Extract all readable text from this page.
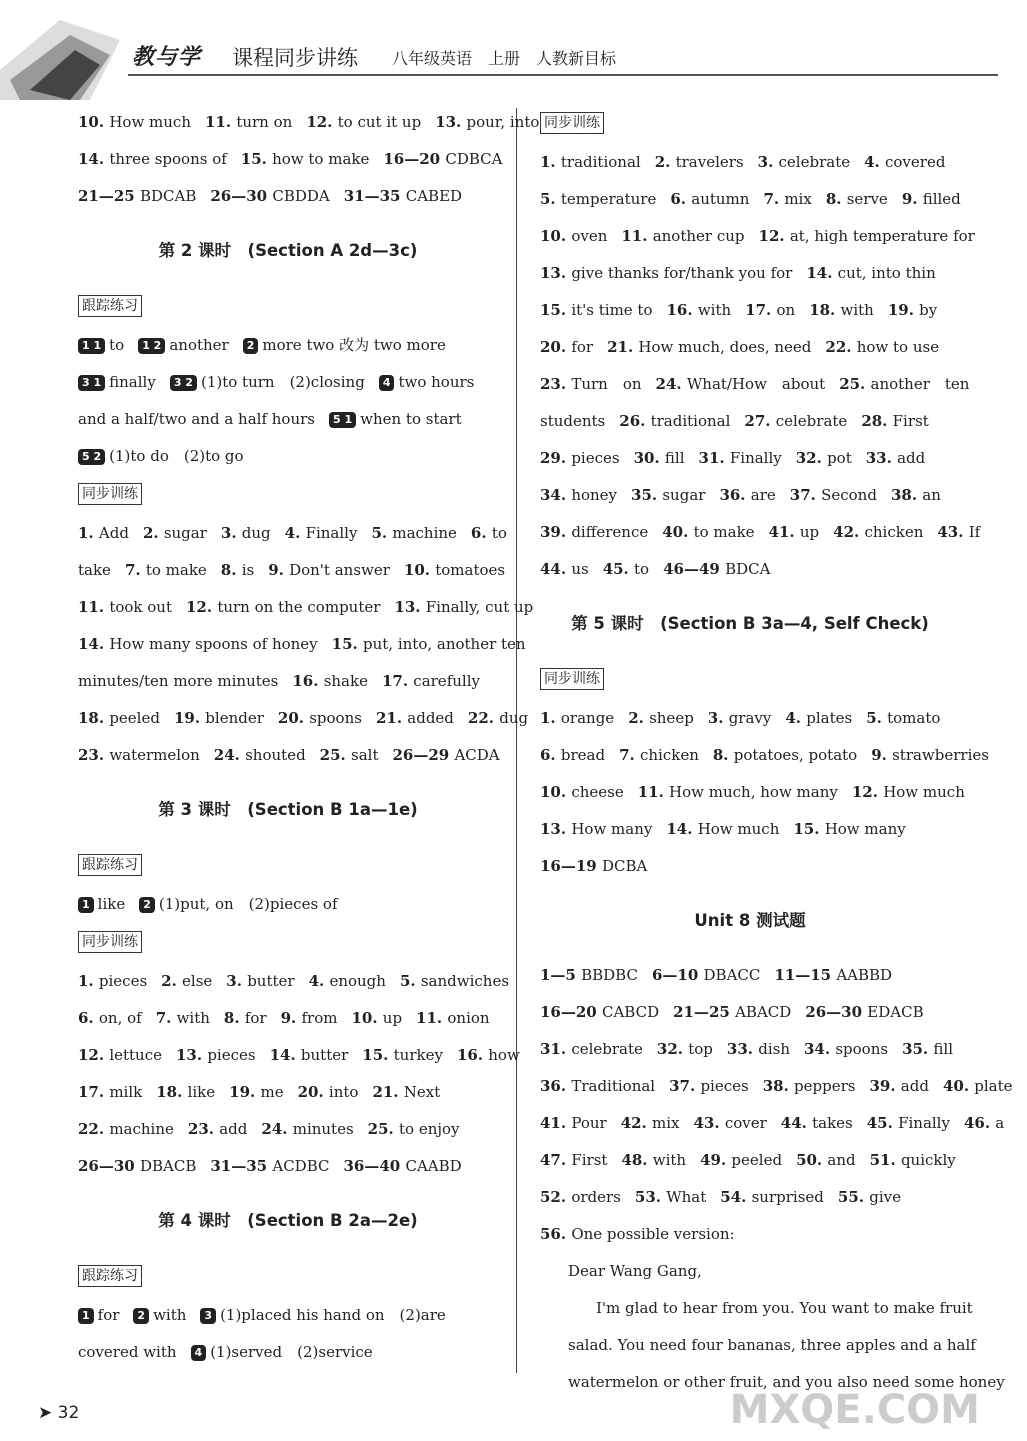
教与学 课程同步讲练 八年级英语　上册　人教新目标
10. How much 11. turn on 12. to cut it up 13. pour, into
14. three spoons of 15. how to make 16—20 CDBCA
21—25 BDCAB 26—30 CBDDA 31—35 CABED
第 2 课时　(Section A 2d—3c)
跟踪练习
1 1 to 1 2 another 2 more two 改为 two more
3 1 finally 3 2 (1)to turn　(2)closing 4 two hours
and a half/two and a half hours 5 1 when to start
5 2 (1)to do　(2)to go
同步训练
1. Add 2. sugar 3. dug 4. Finally 5. machine 6. to
take 7. to make 8. is 9. Don't answer 10. tomatoes
11. took out 12. turn on the computer 13. Finally, cut up
14. How many spoons of honey 15. put, into, another ten
minutes/ten more minutes 16. shake 17. carefully
18. peeled 19. blender 20. spoons 21. added 22. dug
23. watermelon 24. shouted 25. salt 26—29 ACDA
第 3 课时　(Section B 1a—1e)
跟踪练习
1 like 2 (1)put, on　(2)pieces of
同步训练
1. pieces 2. else 3. butter 4. enough 5. sandwiches
6. on, of 7. with 8. for 9. from 10. up 11. onion
12. lettuce 13. pieces 14. butter 15. turkey 16. how
17. milk 18. like 19. me 20. into 21. Next
22. machine 23. add 24. minutes 25. to enjoy
26—30 DBACB 31—35 ACDBC 36—40 CAABD
第 4 课时　(Section B 2a—2e)
跟踪练习
1 for 2 with 3 (1)placed his hand on　(2)are
covered with 4 (1)served　(2)service
同步训练
1. traditional 2. travelers 3. celebrate 4. covered
5. temperature 6. autumn 7. mix 8. serve 9. filled
10. oven 11. another cup 12. at, high temperature for
13. give thanks for/thank you for 14. cut, into thin
15. it's time to 16. with 17. on 18. with 19. by
20. for 21. How much, does, need 22. how to use
23. Turn　on 24. What/How　about 25. another　ten
students 26. traditional 27. celebrate 28. First
29. pieces 30. fill 31. Finally 32. pot 33. add
34. honey 35. sugar 36. are 37. Second 38. an
39. difference 40. to make 41. up 42. chicken 43. If
44. us 45. to 46—49 BDCA
第 5 课时　(Section B 3a—4, Self Check)
同步训练
1. orange 2. sheep 3. gravy 4. plates 5. tomato
6. bread 7. chicken 8. potatoes, potato 9. strawberries
10. cheese 11. How much, how many 12. How much
13. How many 14. How much 15. How many
16—19 DCBA
Unit 8 测试题
1—5 BBDBC 6—10 DBACC 11—15 AABBD
16—20 CABCD 21—25 ABACD 26—30 EDACB
31. celebrate 32. top 33. dish 34. spoons 35. fill
36. Traditional 37. pieces 38. peppers 39. add 40. plate
41. Pour 42. mix 43. cover 44. takes 45. Finally 46. a
47. First 48. with 49. peeled 50. and 51. quickly
52. orders 53. What 54. surprised 55. give
56. One possible version:
Dear Wang Gang,
I'm glad to hear from you. You want to make fruit
salad. You need four bananas, three apples and a half
watermelon or other fruit, and you also need some honey
➤ 32	MXQE.COM
